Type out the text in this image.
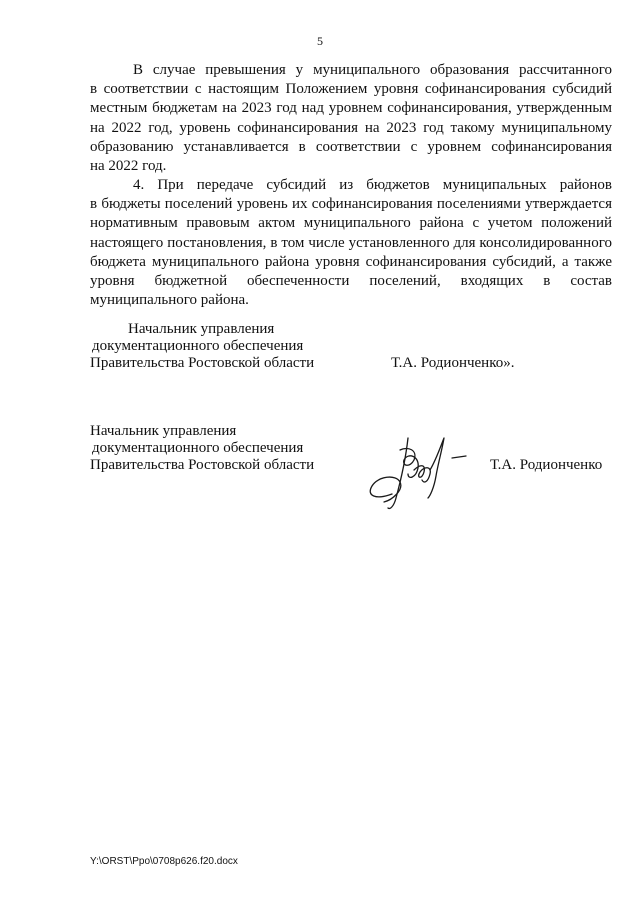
5
В случае превышения у муниципального образования рассчитанного
в соответствии с настоящим Положением уровня софинансирования субсидий
местным бюджетам на 2023 год над уровнем софинансирования, утвержденным
на 2022 год, уровень софинансирования на 2023 год такому муниципальному
образованию устанавливается в соответствии с уровнем софинансирования
на 2022 год.
4. При передаче субсидий из бюджетов муниципальных районов
в бюджеты поселений уровень их софинансирования поселениями утверждается
нормативным правовым актом муниципального района с учетом положений
настоящего постановления, в том числе установленного для консолидированного
бюджета муниципального района уровня софинансирования субсидий, а также
уровня бюджетной обеспеченности поселений, входящих в состав
муниципального района.
Начальник управления
документационного обеспечения
Правительства Ростовской области	Т.А. Родионченко».
Начальник управления
документационного обеспечения
Правительства Ростовской области	Т.А. Родионченко
Y:\ORST\Ppo\0708p626.f20.docx
